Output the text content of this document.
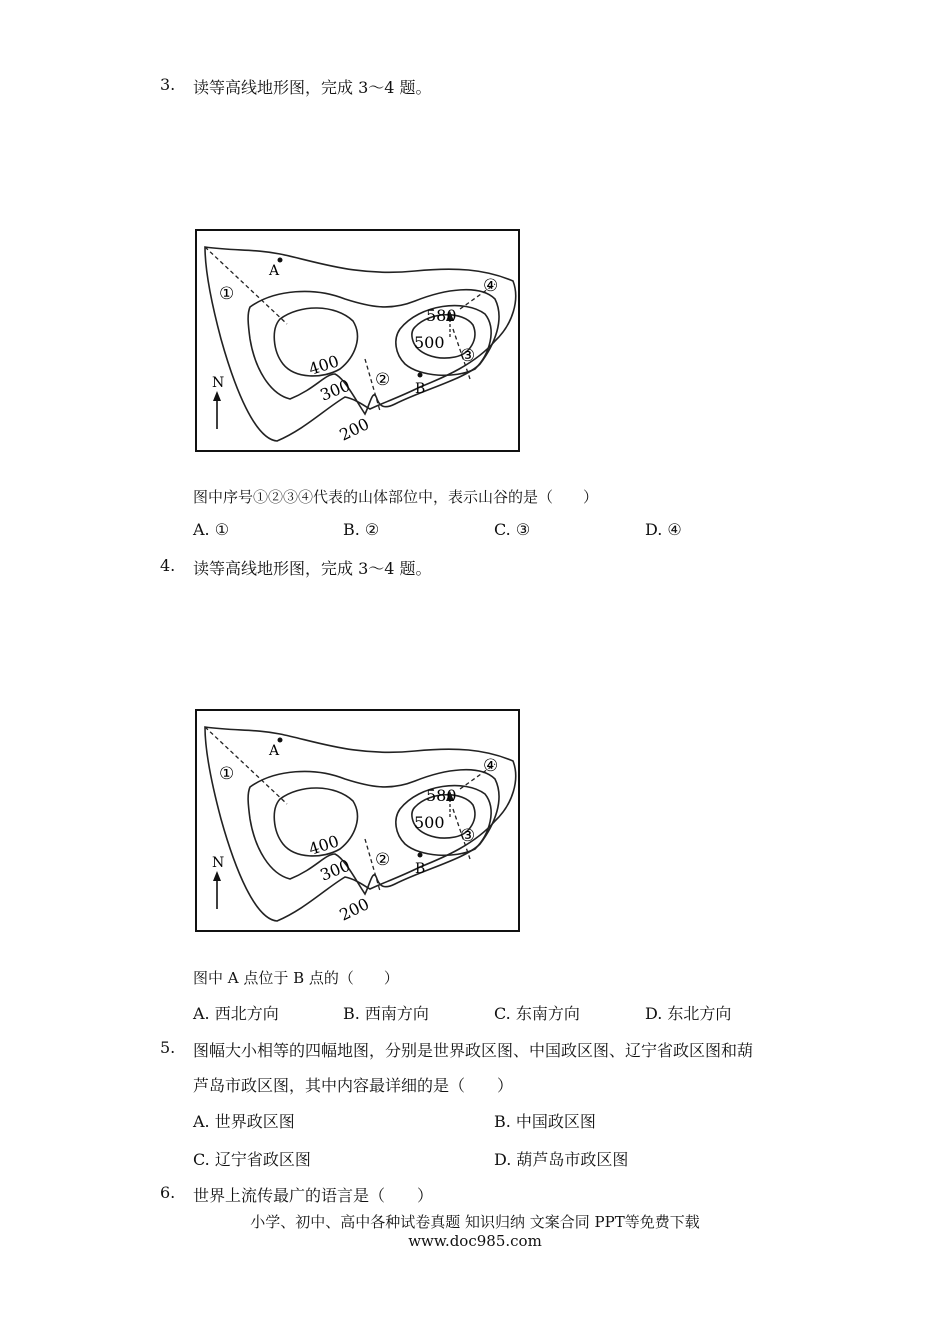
3. 读等高线地形图，完成 3～4 题。
A
B
580
500
400
300
200
①
②
③
④
N
图中序号①②③④代表的山体部位中，表示山谷的是（　　）
A. ①	B. ②	C. ③	D. ④
4. 读等高线地形图，完成 3～4 题。
A
B
580
500
400
300
200
①
②
③
④
N
图中 A 点位于 B 点的（　　）
A. 西北方向	B. 西南方向	C. 东南方向	D. 东北方向
5. 图幅大小相等的四幅地图，分别是世界政区图、中国政区图、辽宁省政区图和葫
芦岛市政区图，其中内容最详细的是（　　）
A. 世界政区图	B. 中国政区图
C. 辽宁省政区图	D. 葫芦岛市政区图
6. 世界上流传最广的语言是（　　）
小学、初中、高中各种试卷真题 知识归纳 文案合同 PPT等免费下载
www.doc985.com
